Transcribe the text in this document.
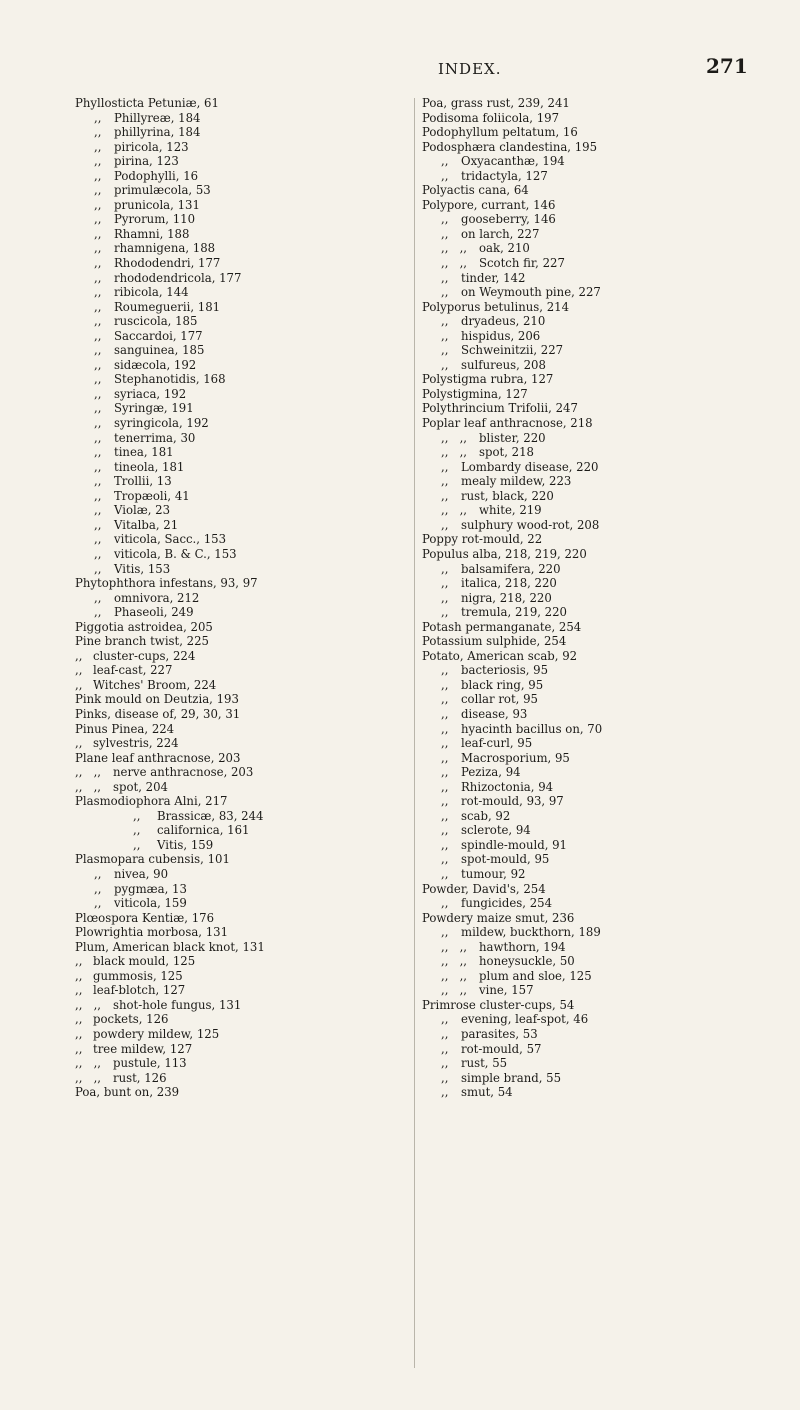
INDEX.	271
Phyllosticta Petuniæ, 61
,, Phillyreæ, 184
,, phillyrina, 184
,, piricola, 123
,, pirina, 123
,, Podophylli, 16
,, primulæcola, 53
,, prunicola, 131
,, Pyrorum, 110
,, Rhamni, 188
,, rhamnigena, 188
,, Rhododendri, 177
,, rhododendricola, 177
,, ribicola, 144
,, Roumeguerii, 181
,, ruscicola, 185
,, Saccardoi, 177
,, sanguinea, 185
,, sidæcola, 192
,, Stephanotidis, 168
,, syriaca, 192
,, Syringæ, 191
,, syringicola, 192
,, tenerrima, 30
,, tinea, 181
,, tineola, 181
,, Trollii, 13
,, Tropæoli, 41
,, Violæ, 23
,, Vitalba, 21
,, viticola, Sacc., 153
,, viticola, B. & C., 153
,, Vitis, 153
Phytophthora infestans, 93, 97
,, omnivora, 212
,, Phaseoli, 249
Piggotia astroidea, 205
Pine branch twist, 225
,, cluster-cups, 224
,, leaf-cast, 227
,, Witches' Broom, 224
Pink mould on Deutzia, 193
Pinks, disease of, 29, 30, 31
Pinus Pinea, 224
,, sylvestris, 224
Plane leaf anthracnose, 203
,,   ,, nerve anthracnose, 203
,,   ,, spot, 204
Plasmodiophora Alni, 217
,, Brassicæ, 83, 244
,, californica, 161
,, Vitis, 159
Plasmopara cubensis, 101
,, nivea, 90
,, pygmæa, 13
,, viticola, 159
Plœospora Kentiæ, 176
Plowrightia morbosa, 131
Plum, American black knot, 131
,, black mould, 125
,, gummosis, 125
,, leaf-blotch, 127
,,   ,, shot-hole fungus, 131
,, pockets, 126
,, powdery mildew, 125
,, tree mildew, 127
,,   ,, pustule, 113
,,   ,, rust, 126
Poa, bunt on, 239
Poa, grass rust, 239, 241
Podisoma foliicola, 197
Podophyllum peltatum, 16
Podosphæra clandestina, 195
,, Oxyacanthæ, 194
,, tridactyla, 127
Polyactis cana, 64
Polypore, currant, 146
,, gooseberry, 146
,, on larch, 227
,,   ,, oak, 210
,,   ,, Scotch fir, 227
,, tinder, 142
,, on Weymouth pine, 227
Polyporus betulinus, 214
,, dryadeus, 210
,, hispidus, 206
,, Schweinitzii, 227
,, sulfureus, 208
Polystigma rubra, 127
Polystigmina, 127
Polythrincium Trifolii, 247
Poplar leaf anthracnose, 218
,,   ,, blister, 220
,,   ,, spot, 218
,, Lombardy disease, 220
,, mealy mildew, 223
,, rust, black, 220
,,   ,, white, 219
,, sulphury wood-rot, 208
Poppy rot-mould, 22
Populus alba, 218, 219, 220
,, balsamifera, 220
,, italica, 218, 220
,, nigra, 218, 220
,, tremula, 219, 220
Potash permanganate, 254
Potassium sulphide, 254
Potato, American scab, 92
,, bacteriosis, 95
,, black ring, 95
,, collar rot, 95
,, disease, 93
,, hyacinth bacillus on, 70
,, leaf-curl, 95
,, Macrosporium, 95
,, Peziza, 94
,, Rhizoctonia, 94
,, rot-mould, 93, 97
,, scab, 92
,, sclerote, 94
,, spindle-mould, 91
,, spot-mould, 95
,, tumour, 92
Powder, David's, 254
,, fungicides, 254
Powdery maize smut, 236
,, mildew, buckthorn, 189
,,   ,, hawthorn, 194
,,   ,, honeysuckle, 50
,,   ,, plum and sloe, 125
,,   ,, vine, 157
Primrose cluster-cups, 54
,, evening, leaf-spot, 46
,, parasites, 53
,, rot-mould, 57
,, rust, 55
,, simple brand, 55
,, smut, 54
